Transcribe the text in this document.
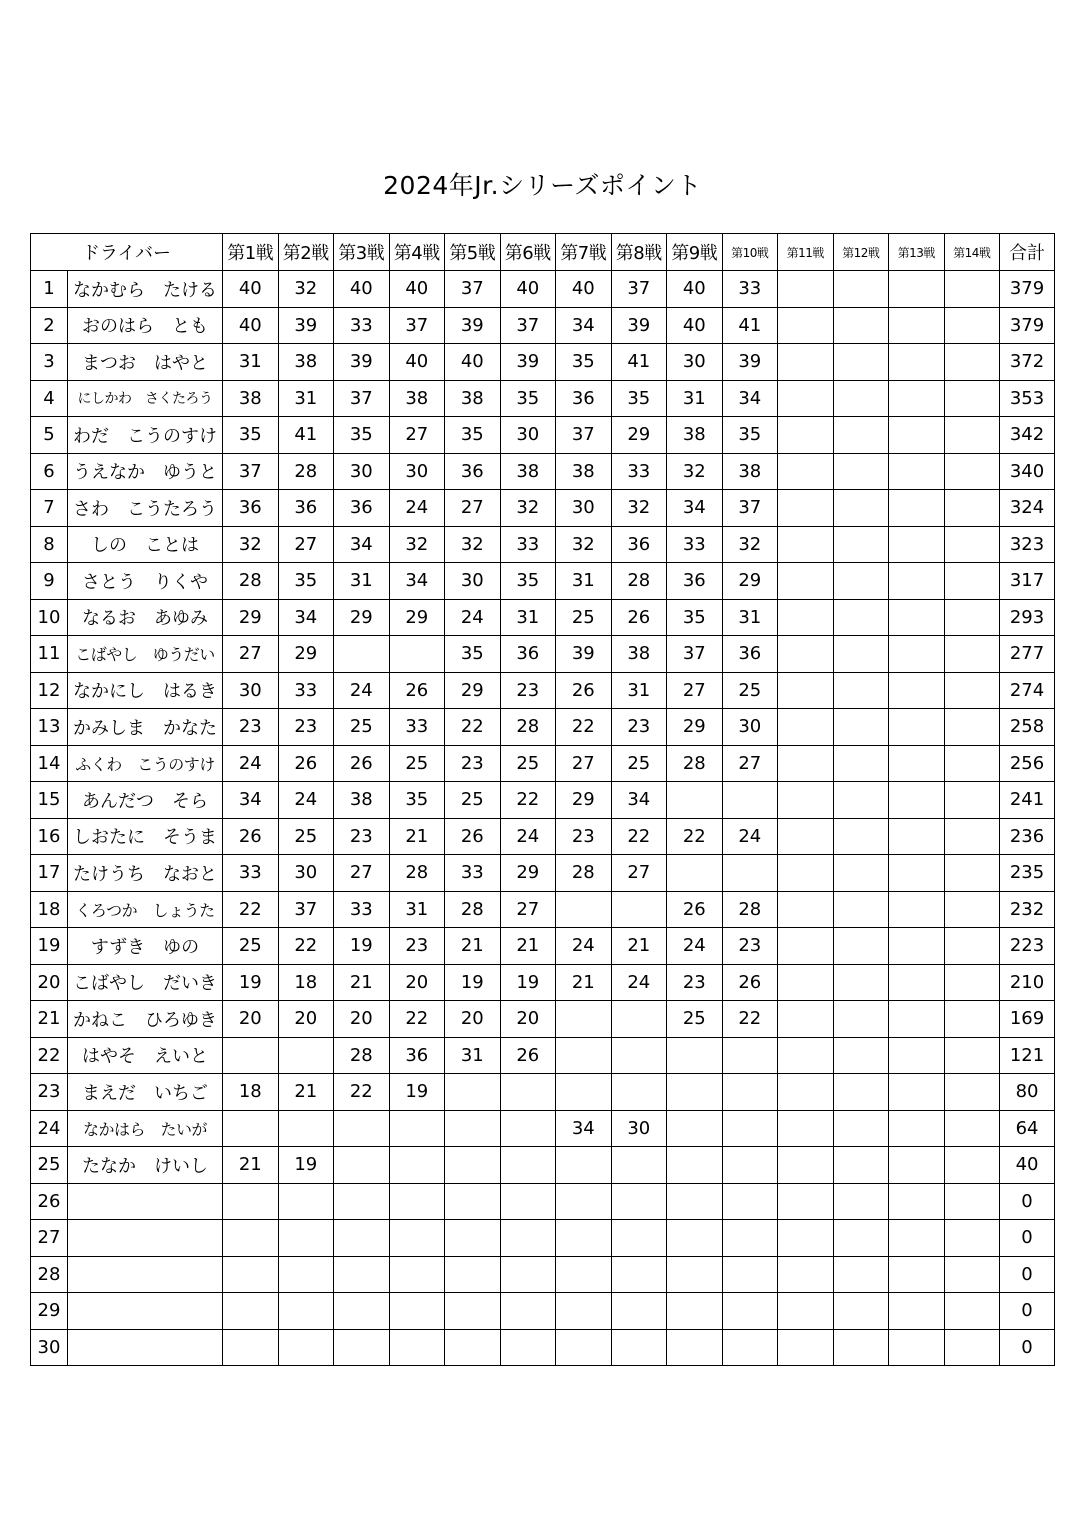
2024年Jr.シリーズポイント
ドライバー		第1戦	第2戦	第3戦	第4戦	第5戦	第6戦	第7戦	第8戦	第9戦	第10戦	第11戦	第12戦	第13戦	第14戦	合計
1	なかむら　たける	40	32	40	40	37	40	40	37	40	33					379
2	おのはら　とも	40	39	33	37	39	37	34	39	40	41					379
3	まつお　はやと	31	38	39	40	40	39	35	41	30	39					372
4	にしかわ　さくたろう	38	31	37	38	38	35	36	35	31	34					353
5	わだ　こうのすけ	35	41	35	27	35	30	37	29	38	35					342
6	うえなか　ゆうと	37	28	30	30	36	38	38	33	32	38					340
7	さわ　こうたろう	36	36	36	24	27	32	30	32	34	37					324
8	しの　ことは	32	27	34	32	32	33	32	36	33	32					323
9	さとう　りくや	28	35	31	34	30	35	31	28	36	29					317
10	なるお　あゆみ	29	34	29	29	24	31	25	26	35	31					293
11	こばやし　ゆうだい	27	29			35	36	39	38	37	36					277
12	なかにし　はるき	30	33	24	26	29	23	26	31	27	25					274
13	かみしま　かなた	23	23	25	33	22	28	22	23	29	30					258
14	ふくわ　こうのすけ	24	26	26	25	23	25	27	25	28	27					256
15	あんだつ　そら	34	24	38	35	25	22	29	34							241
16	しおたに　そうま	26	25	23	21	26	24	23	22	22	24					236
17	たけうち　なおと	33	30	27	28	33	29	28	27							235
18	くろつか　しょうた	22	37	33	31	28	27			26	28					232
19	すずき　ゆの	25	22	19	23	21	21	24	21	24	23					223
20	こばやし　だいき	19	18	21	20	19	19	21	24	23	26					210
21	かねこ　ひろゆき	20	20	20	22	20	20			25	22					169
22	はやそ　えいと			28	36	31	26									121
23	まえだ　いちご	18	21	22	19											80
24	なかはら　たいが							34	30							64
25	たなか　けいし	21	19													40
26																0
27																0
28																0
29																0
30																0
